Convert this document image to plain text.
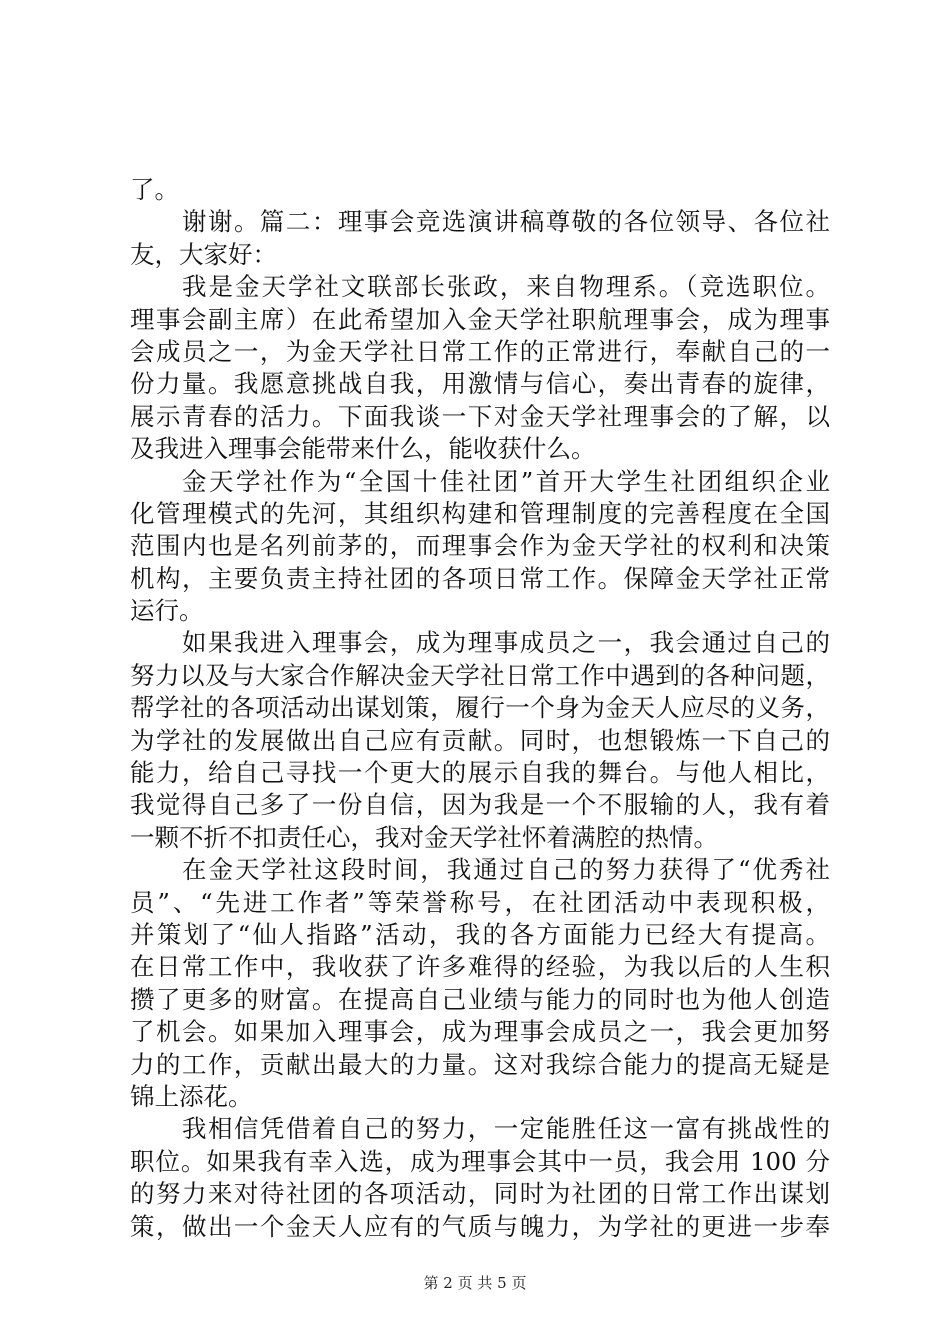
了。
谢谢。篇二：理事会竞选演讲稿尊敬的各位领导、各位社
友，大家好：
我是金天学社文联部长张政，来自物理系。（竞选职位。
理事会副主席）在此希望加入金天学社职航理事会，成为理事
会成员之一，为金天学社日常工作的正常进行，奉献自己的一
份力量。我愿意挑战自我，用激情与信心，奏出青春的旋律，
展示青春的活力。下面我谈一下对金天学社理事会的了解，以
及我进入理事会能带来什么，能收获什么。
金天学社作为“全国十佳社团”首开大学生社团组织企业
化管理模式的先河，其组织构建和管理制度的完善程度在全国
范围内也是名列前茅的，而理事会作为金天学社的权利和决策
机构，主要负责主持社团的各项日常工作。保障金天学社正常
运行。
如果我进入理事会，成为理事成员之一，我会通过自己的
努力以及与大家合作解决金天学社日常工作中遇到的各种问题，
帮学社的各项活动出谋划策，履行一个身为金天人应尽的义务，
为学社的发展做出自己应有贡献。同时，也想锻炼一下自己的
能力，给自己寻找一个更大的展示自我的舞台。与他人相比，
我觉得自己多了一份自信，因为我是一个不服输的人，我有着
一颗不折不扣责任心，我对金天学社怀着满腔的热情。
在金天学社这段时间，我通过自己的努力获得了“优秀社
员”、“先进工作者”等荣誉称号，在社团活动中表现积极，
并策划了“仙人指路”活动，我的各方面能力已经大有提高。
在日常工作中，我收获了许多难得的经验，为我以后的人生积
攒了更多的财富。在提高自己业绩与能力的同时也为他人创造
了机会。如果加入理事会，成为理事会成员之一，我会更加努
力的工作，贡献出最大的力量。这对我综合能力的提高无疑是
锦上添花。
我相信凭借着自己的努力，一定能胜任这一富有挑战性的
职位。如果我有幸入选，成为理事会其中一员，我会用 100 分
的努力来对待社团的各项活动，同时为社团的日常工作出谋划
策，做出一个金天人应有的气质与魄力，为学社的更进一步奉
第 2 页 共 5 页
